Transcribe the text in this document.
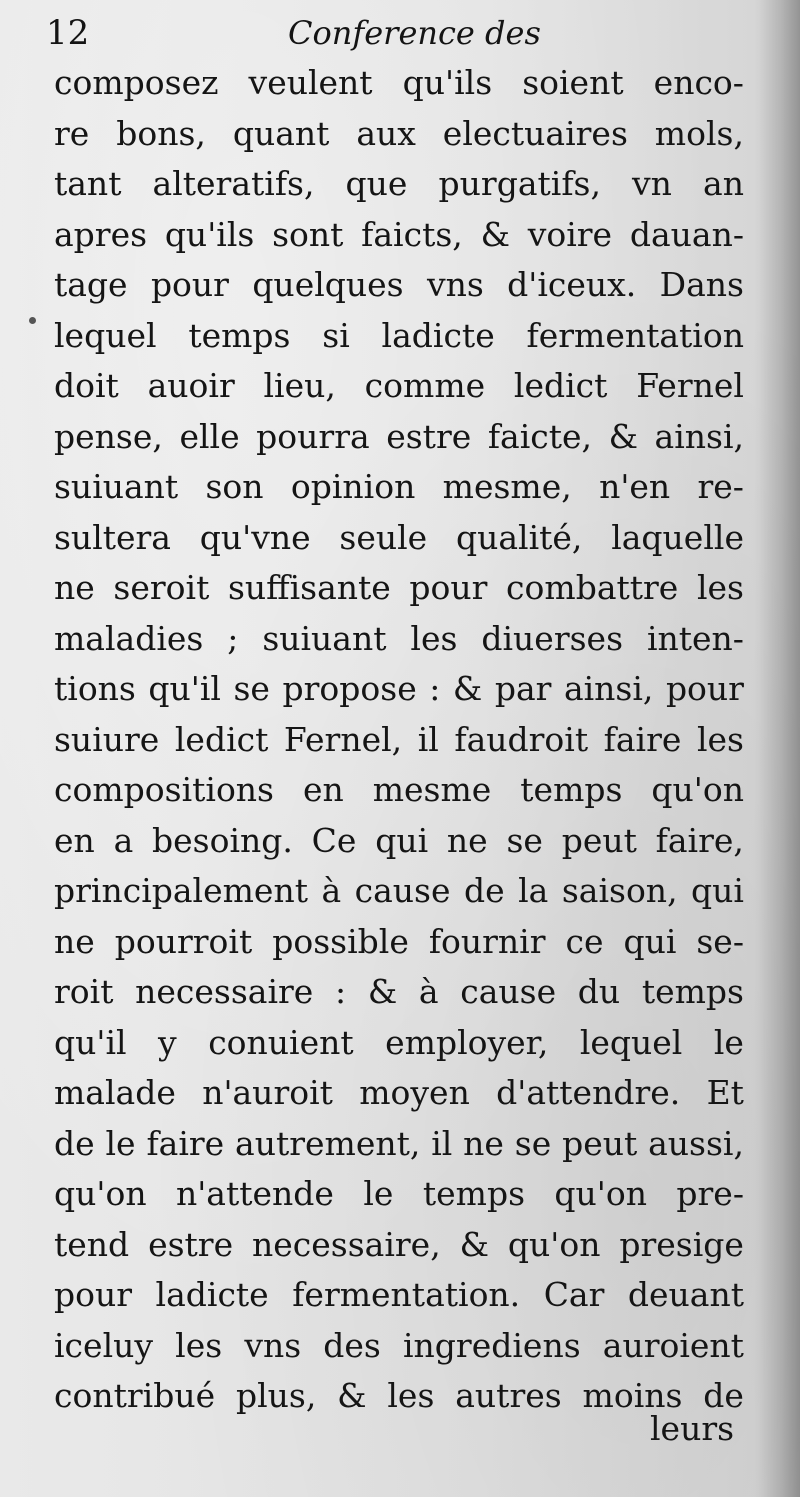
12	Conference des
composez veulent qu'ils soient enco-
re bons, quant aux electuaires mols,
tant alteratifs, que purgatifs, vn an
apres qu'ils sont faicts, & voire dauan-
tage pour quelques vns d'iceux. Dans
lequel temps si ladicte fermentation
doit auoir lieu, comme ledict Fernel
pense, elle pourra estre faicte, & ainsi,
suiuant son opinion mesme, n'en re-
sultera qu'vne seule qualité, laquelle
ne seroit suffisante pour combattre les
maladies ; suiuant les diuerses inten-
tions qu'il se propose : & par ainsi, pour
suiure ledict Fernel, il faudroit faire les
compositions en mesme temps qu'on
en a besoing. Ce qui ne se peut faire,
principalement à cause de la saison, qui
ne pourroit possible fournir ce qui se-
roit necessaire : & à cause du temps
qu'il y conuient employer, lequel le
malade n'auroit moyen d'attendre. Et
de le faire autrement, il ne se peut aussi,
qu'on n'attende le temps qu'on pre-
tend estre necessaire, & qu'on presige
pour ladicte fermentation. Car deuant
iceluy les vns des ingrediens auroient
contribué plus, & les autres moins de
leurs
